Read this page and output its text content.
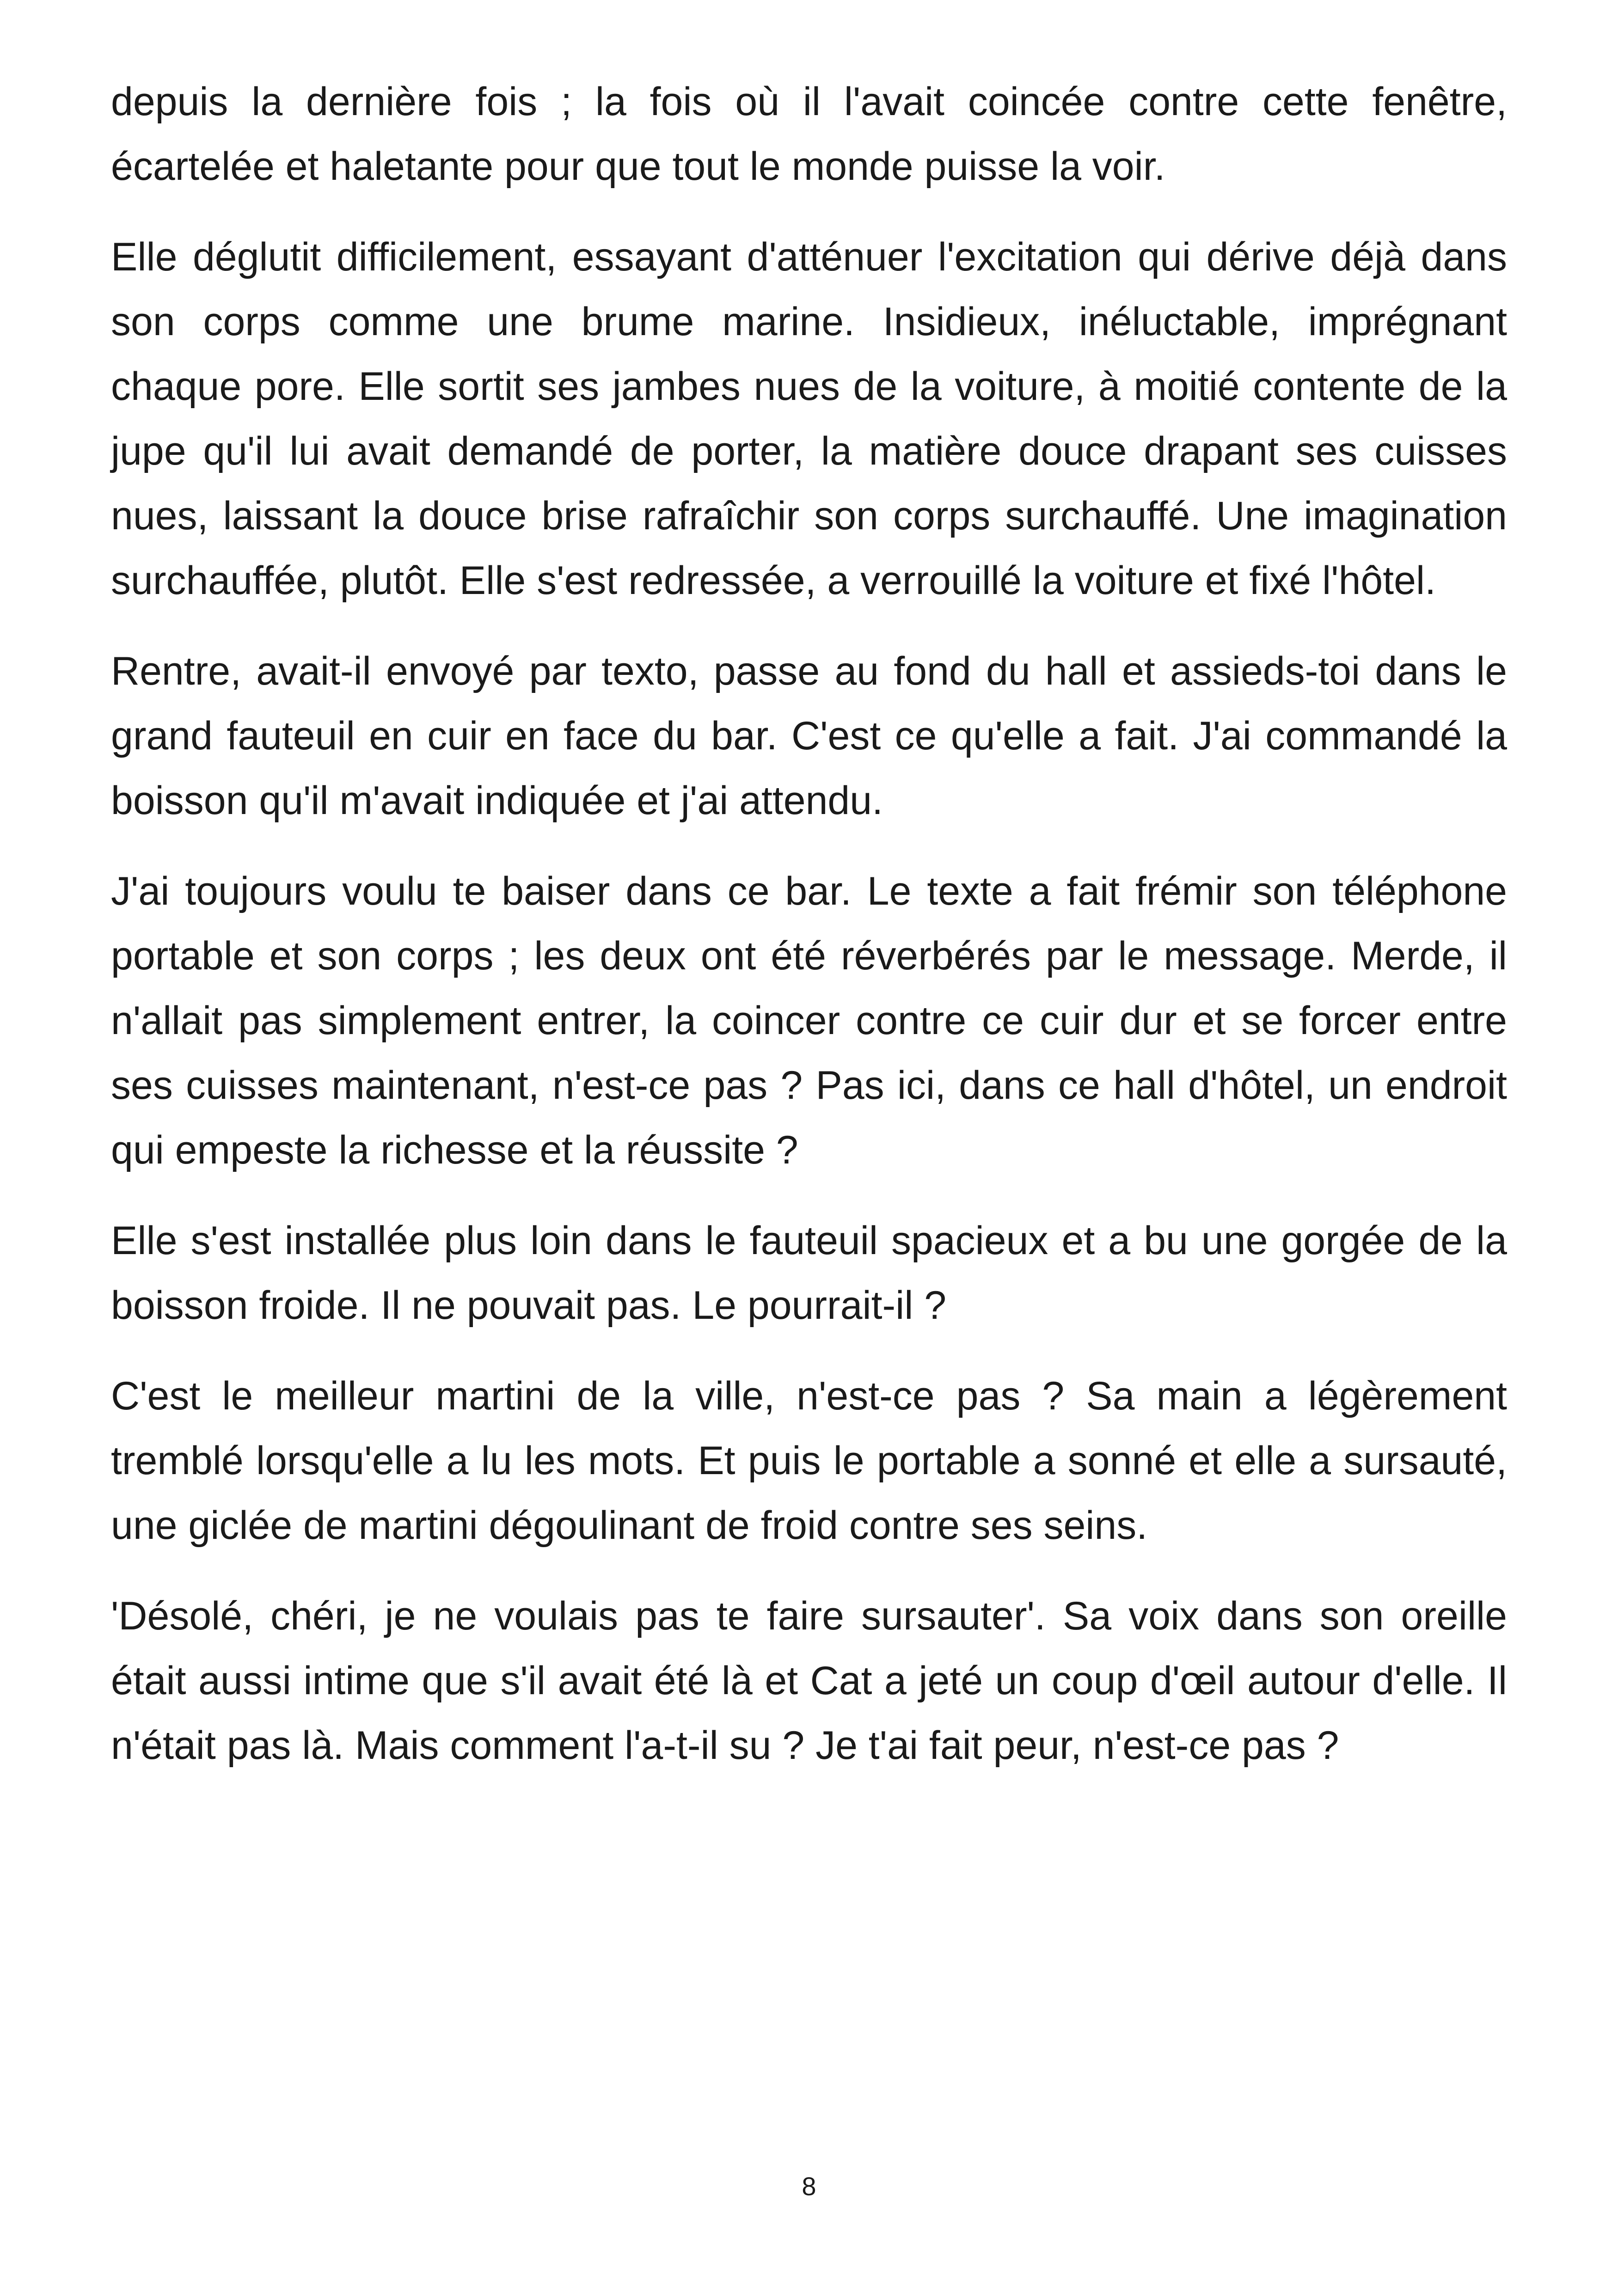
depuis la dernière fois ; la fois où il l'avait coincée contre cette fenêtre, écartelée et haletante pour que tout le monde puisse la voir.

Elle déglutit difficilement, essayant d'atténuer l'excitation qui dérive déjà dans son corps comme une brume marine. Insidieux, inéluctable, imprégnant chaque pore. Elle sortit ses jambes nues de la voiture, à moitié contente de la jupe qu'il lui avait demandé de porter, la matière douce drapant ses cuisses nues, laissant la douce brise rafraîchir son corps surchauffé. Une imagination surchauffée, plutôt. Elle s'est redressée, a verrouillé la voiture et fixé l'hôtel.

Rentre, avait-il envoyé par texto, passe au fond du hall et assieds-toi dans le grand fauteuil en cuir en face du bar. C'est ce qu'elle a fait. J'ai commandé la boisson qu'il m'avait indiquée et j'ai attendu.

J'ai toujours voulu te baiser dans ce bar. Le texte a fait frémir son téléphone portable et son corps ; les deux ont été réverbérés par le message. Merde, il n'allait pas simplement entrer, la coincer contre ce cuir dur et se forcer entre ses cuisses maintenant, n'est-ce pas ? Pas ici, dans ce hall d'hôtel, un endroit qui empeste la richesse et la réussite ?

Elle s'est installée plus loin dans le fauteuil spacieux et a bu une gorgée de la boisson froide. Il ne pouvait pas. Le pourrait-il ?

C'est le meilleur martini de la ville, n'est-ce pas ? Sa main a légèrement tremblé lorsqu'elle a lu les mots. Et puis le portable a sonné et elle a sursauté, une giclée de martini dégoulinant de froid contre ses seins.

'Désolé, chéri, je ne voulais pas te faire sursauter'. Sa voix dans son oreille était aussi intime que s'il avait été là et Cat a jeté un coup d'œil autour d'elle. Il n'était pas là. Mais comment l'a-t-il su ? Je t'ai fait peur, n'est-ce pas ?

8
